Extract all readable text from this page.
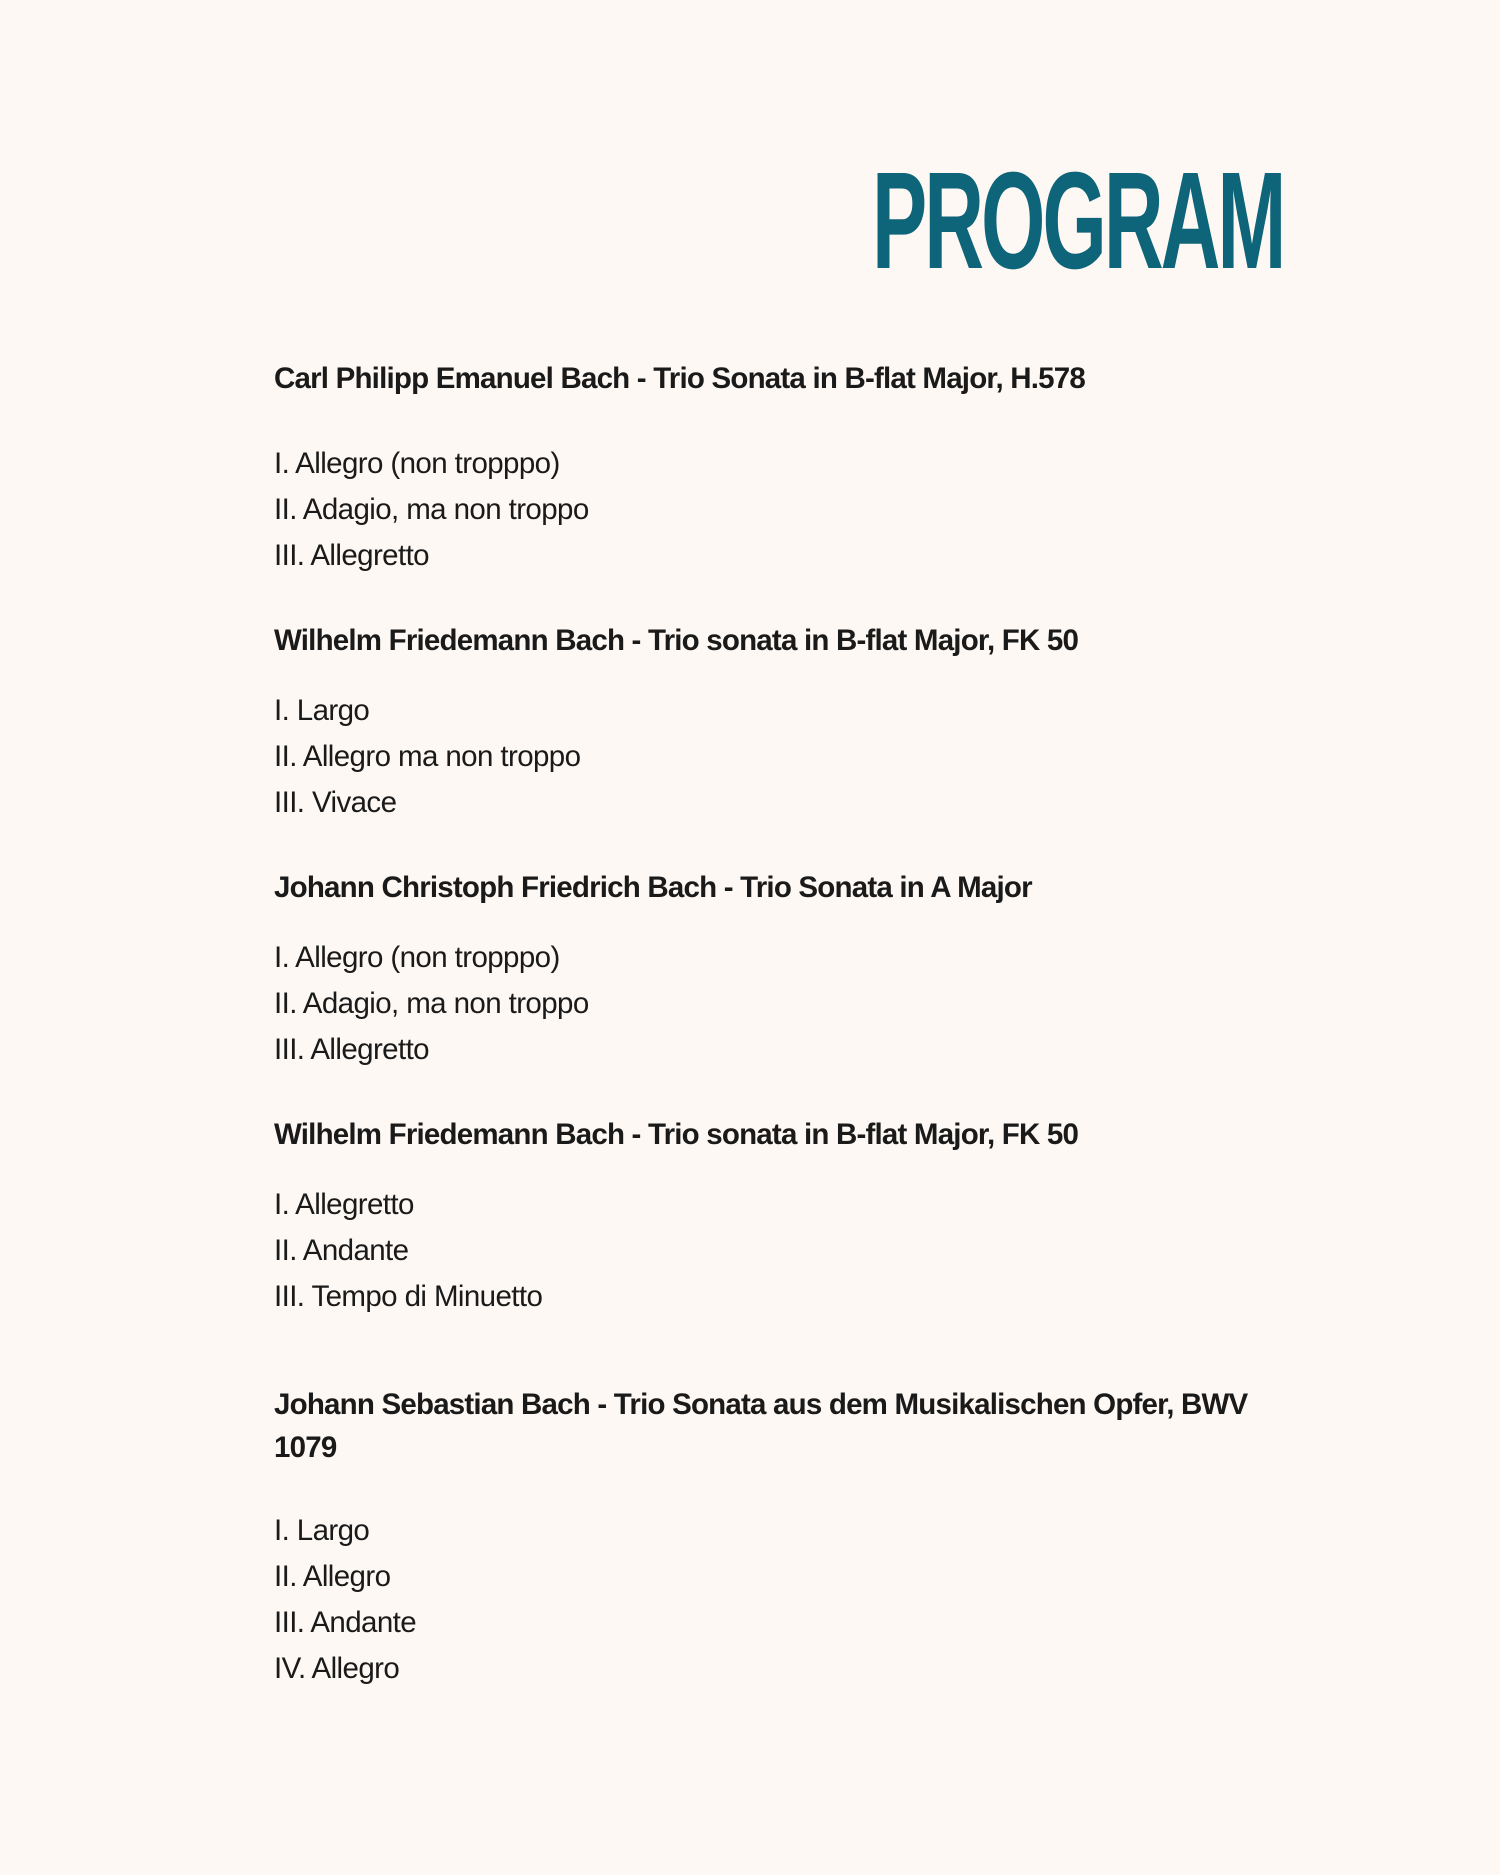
PROGRAM
Carl Philipp Emanuel Bach - Trio Sonata in B-flat Major, H.578
I. Allegro (non tropppo)
II. Adagio, ma non troppo
III. Allegretto
Wilhelm Friedemann Bach - Trio sonata in B-flat Major, FK 50
I. Largo
II. Allegro ma non troppo
III. Vivace
Johann Christoph Friedrich Bach - Trio Sonata in A Major
I. Allegro (non tropppo)
II. Adagio, ma non troppo
III. Allegretto
Wilhelm Friedemann Bach - Trio sonata in B-flat Major, FK 50
I. Allegretto
II. Andante
III. Tempo di Minuetto
Johann Sebastian Bach - Trio Sonata aus dem Musikalischen Opfer, BWV 1079
I. Largo
II. Allegro
III. Andante
IV. Allegro
